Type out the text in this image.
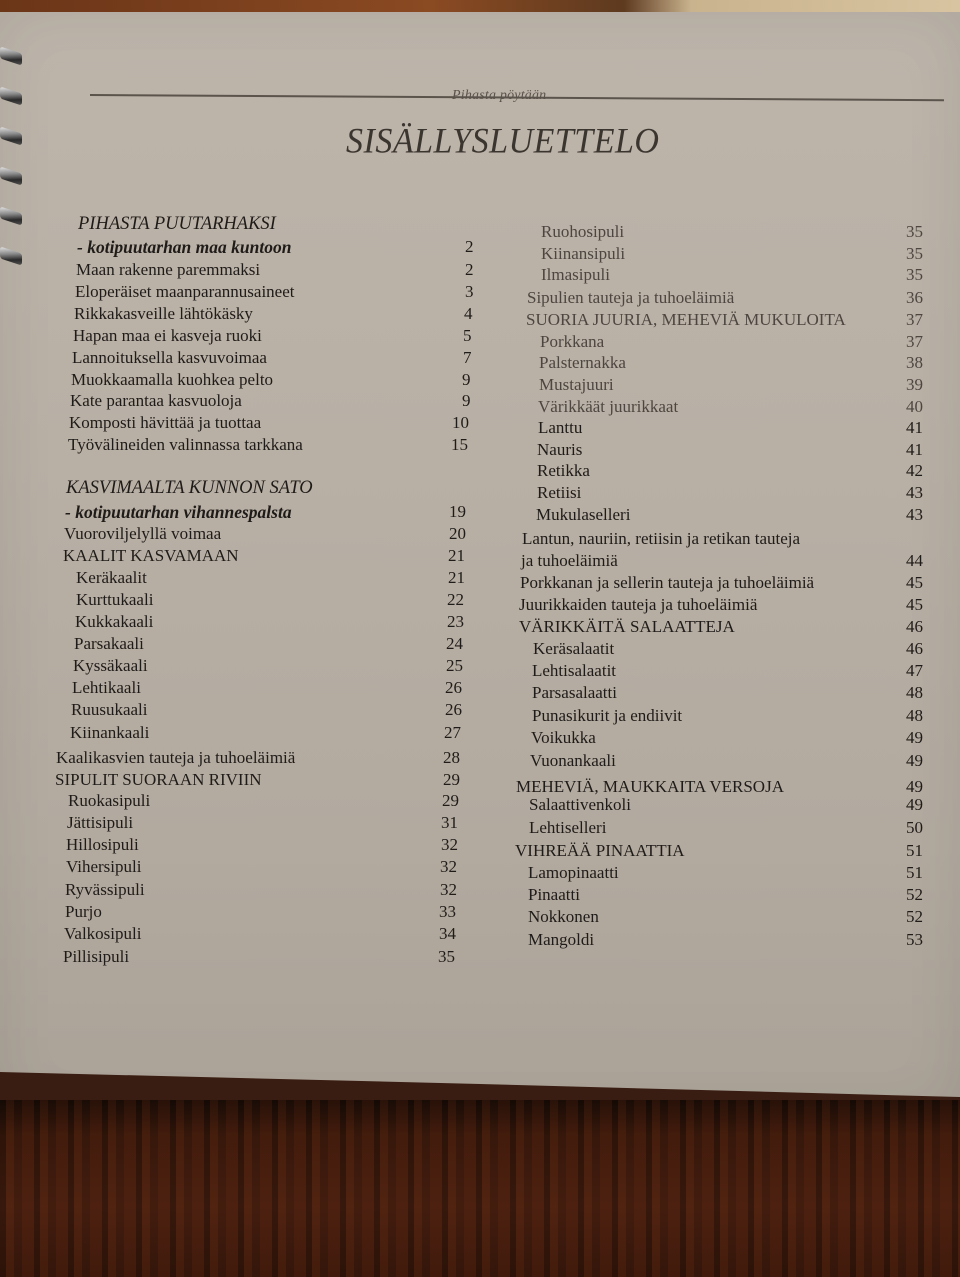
Pihasta pöytään
SISÄLLYSLUETTELO
PIHASTA PUUTARHAKSI
- kotipuutarhan maa kuntoon	2
Maan rakenne paremmaksi	2
Eloperäiset maanparannusaineet	3
Rikkakasveille lähtökäsky	4
Hapan maa ei kasveja ruoki	5
Lannoituksella kasvuvoimaa	7
Muokkaamalla kuohkea pelto	9
Kate parantaa kasvuoloja	9
Komposti hävittää ja tuottaa	10
Työvälineiden valinnassa tarkkana	15
KASVIMAALTA KUNNON SATO
- kotipuutarhan vihannespalsta	19
Vuoroviljelyllä voimaa	20
KAALIT KASVAMAAN	21
Keräkaalit	21
Kurttukaali	22
Kukkakaali	23
Parsakaali	24
Kyssäkaali	25
Lehtikaali	26
Ruusukaali	26
Kiinankaali	27
Kaalikasvien tauteja ja tuhoeläimiä	28
SIPULIT SUORAAN RIVIIN	29
Ruokasipuli	29
Jättisipuli	31
Hillosipuli	32
Vihersipuli	32
Ryvässipuli	32
Purjo	33
Valkosipuli	34
Pillisipuli	35
Ruohosipuli	35
Kiinansipuli	35
Ilmasipuli	35
Sipulien tauteja ja tuhoeläimiä	36
SUORIA JUURIA, MEHEVIÄ MUKULOITA	37
Porkkana	37
Palsternakka	38
Mustajuuri	39
Värikkäät juurikkaat	40
Lanttu	41
Nauris	41
Retikka	42
Retiisi	43
Mukulaselleri	43
Lantun, nauriin, retiisin ja retikan tauteja
ja tuhoeläimiä	44
Porkkanan ja sellerin tauteja ja tuhoeläimiä	45
Juurikkaiden tauteja ja tuhoeläimiä	45
VÄRIKKÄITÄ SALAATTEJA	46
Keräsalaatit	46
Lehtisalaatit	47
Parsasalaatti	48
Punasikurit ja endiivit	48
Voikukka	49
Vuonankaali	49
MEHEVIÄ, MAUKKAITA VERSOJA	49
Salaattivenkoli	49
Lehtiselleri	50
VIHREÄÄ PINAATTIA	51
Lamopinaatti	51
Pinaatti	52
Nokkonen	52
Mangoldi	53
